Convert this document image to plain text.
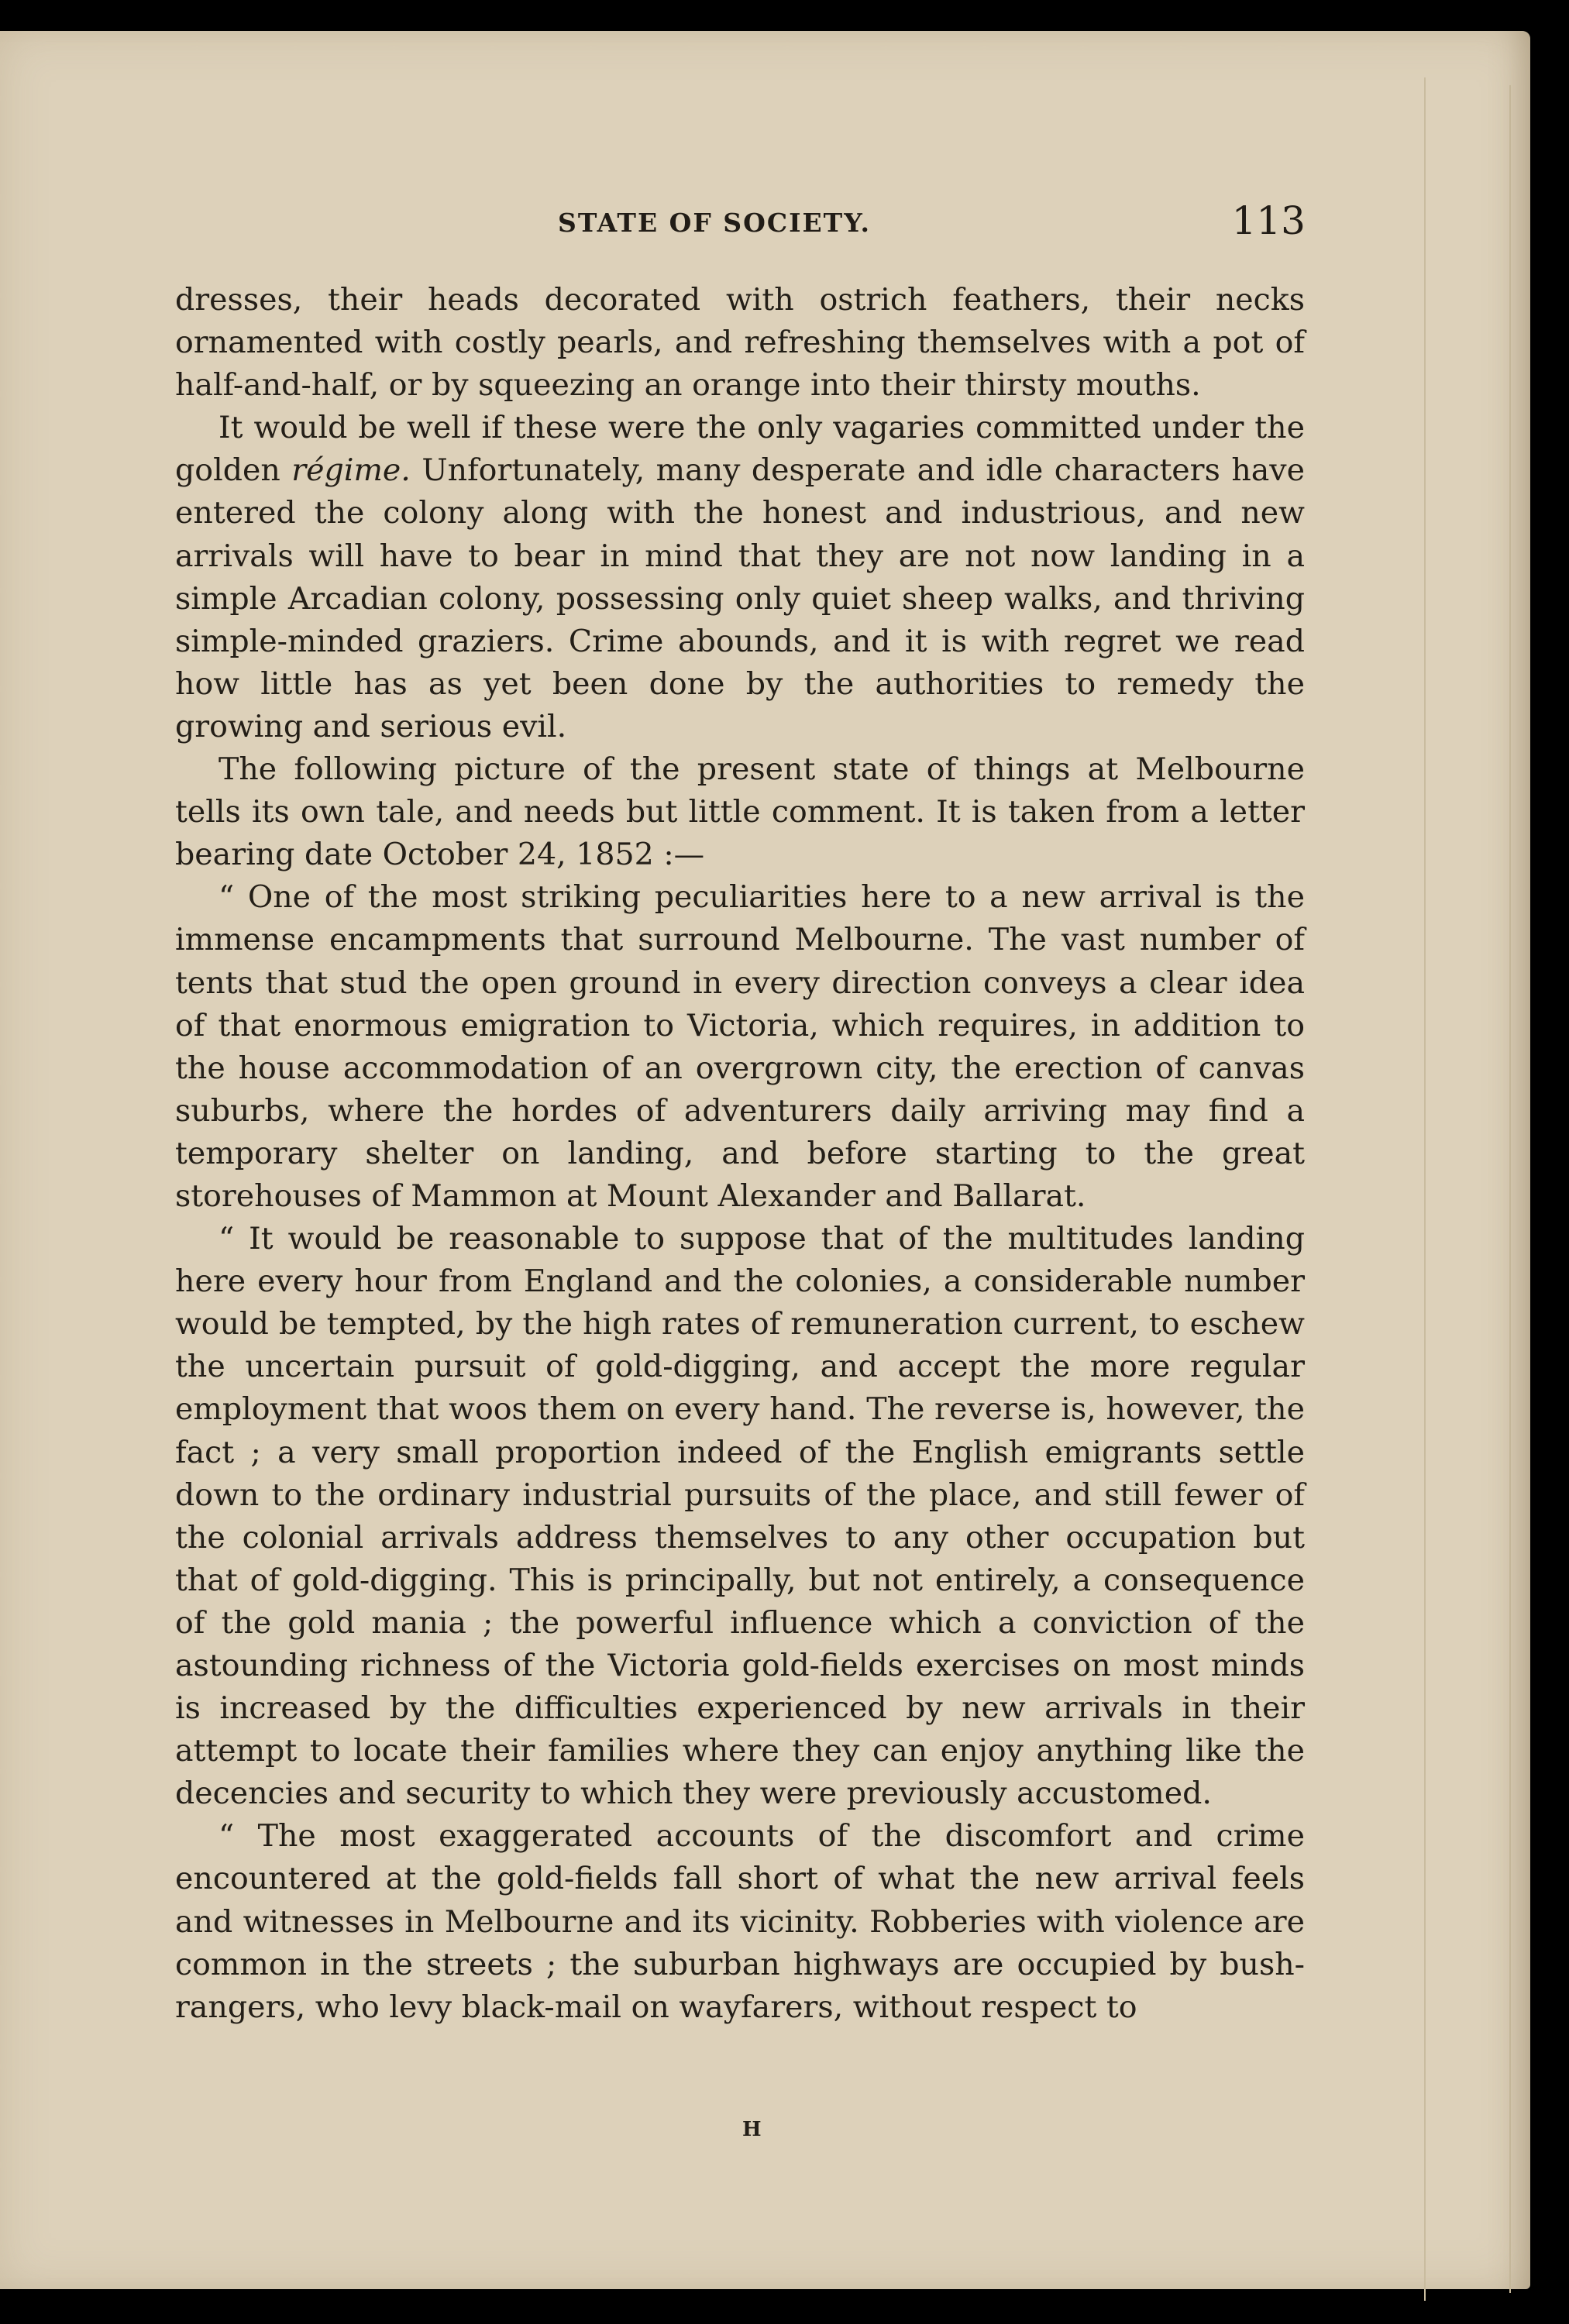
STATE OF SOCIETY.	113

dresses, their heads decorated with ostrich feathers, their necks ornamented with costly pearls, and refreshing themselves with a pot of half-and-half, or by squeezing an orange into their thirsty mouths.

It would be well if these were the only vagaries committed under the golden régime. Unfortunately, many desperate and idle characters have entered the colony along with the honest and industrious, and new arrivals will have to bear in mind that they are not now landing in a simple Arcadian colony, possessing only quiet sheep walks, and thriving simple-minded graziers. Crime abounds, and it is with regret we read how little has as yet been done by the authorities to remedy the growing and serious evil.

The following picture of the present state of things at Melbourne tells its own tale, and needs but little comment. It is taken from a letter bearing date October 24, 1852 :—

“ One of the most striking peculiarities here to a new arrival is the immense encampments that surround Melbourne. The vast number of tents that stud the open ground in every direction conveys a clear idea of that enormous emigration to Victoria, which requires, in addition to the house accommodation of an overgrown city, the erection of canvas suburbs, where the hordes of adventurers daily arriving may find a temporary shelter on landing, and before starting to the great storehouses of Mammon at Mount Alexander and Ballarat.

“ It would be reasonable to suppose that of the multitudes landing here every hour from England and the colonies, a considerable number would be tempted, by the high rates of remuneration current, to eschew the uncertain pursuit of gold-digging, and accept the more regular employment that woos them on every hand. The reverse is, however, the fact ; a very small proportion indeed of the English emigrants settle down to the ordinary industrial pursuits of the place, and still fewer of the colonial arrivals address themselves to any other occupation but that of gold-digging. This is principally, but not entirely, a consequence of the gold mania ; the powerful influence which a conviction of the astounding richness of the Victoria gold-fields exercises on most minds is increased by the difficulties experienced by new arrivals in their attempt to locate their families where they can enjoy anything like the decencies and security to which they were previously accustomed.

“ The most exaggerated accounts of the discomfort and crime encountered at the gold-fields fall short of what the new arrival feels and witnesses in Melbourne and its vicinity. Robberies with violence are common in the streets ; the suburban highways are occupied by bush-rangers, who levy black-mail on wayfarers, without respect to

H
